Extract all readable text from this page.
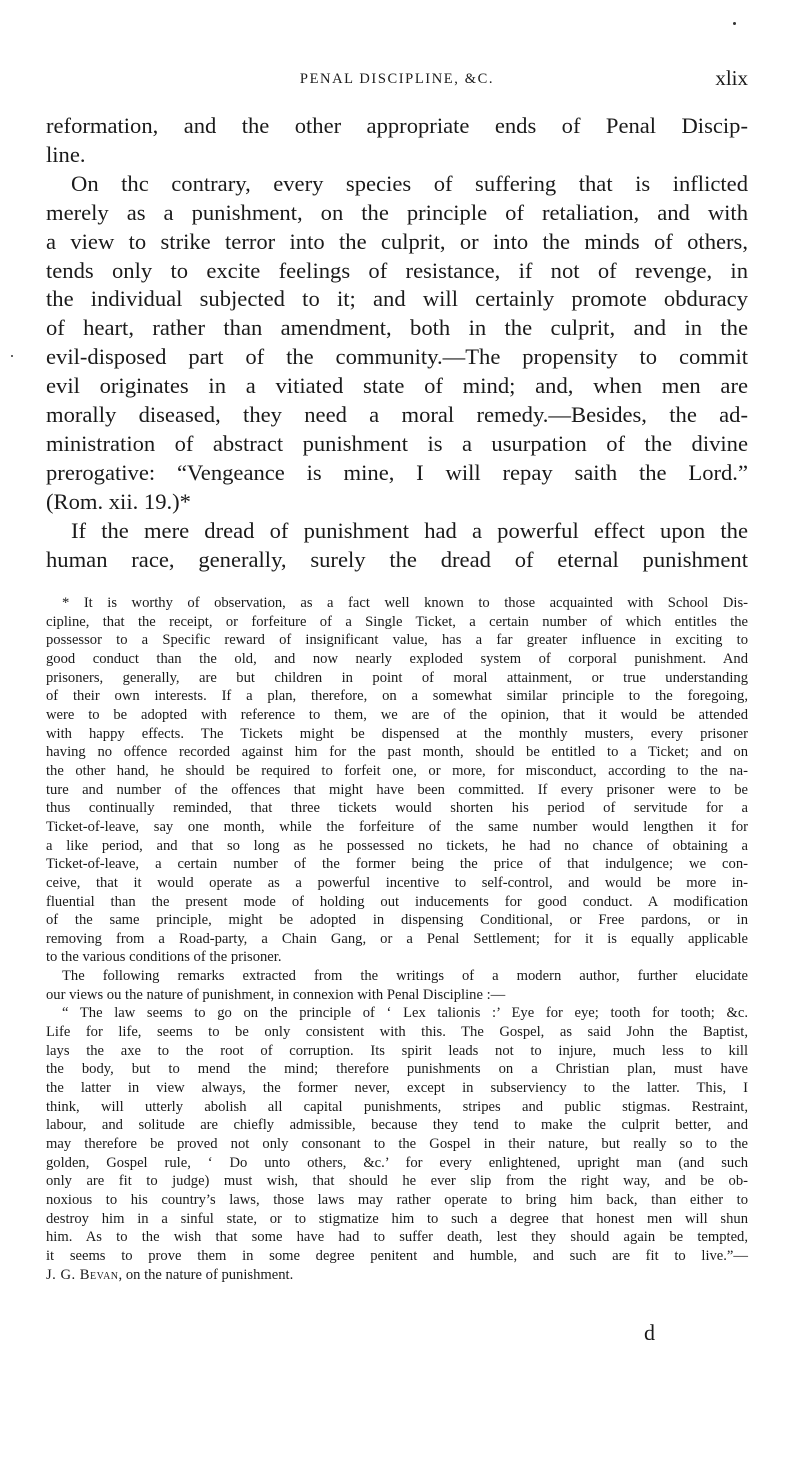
PENAL DISCIPLINE, &C.	xlix

reformation, and the other appropriate ends of Penal Discip-
line.

On thc contrary, every species of suffering that is inflicted
merely as a punishment, on the principle of retaliation, and with
a view to strike terror into the culprit, or into the minds of others,
tends only to excite feelings of resistance, if not of revenge, in
the individual subjected to it; and will certainly promote obduracy
of heart, rather than amendment, both in the culprit, and in the
evil-disposed part of the community.—The propensity to commit
evil originates in a vitiated state of mind; and, when men are
morally diseased, they need a moral remedy.—Besides, the ad-
ministration of abstract punishment is a usurpation of the divine
prerogative: “Vengeance is mine, I will repay saith the Lord.”
(Rom. xii. 19.)*

If the mere dread of punishment had a powerful effect upon the
human race, generally, surely the dread of eternal punishment

* It is worthy of observation, as a fact well known to those acquainted with School Dis-
cipline, that the receipt, or forfeiture of a Single Ticket, a certain number of which entitles the
possessor to a Specific reward of insignificant value, has a far greater influence in exciting to
good conduct than the old, and now nearly exploded system of corporal punishment. And
prisoners, generally, are but children in point of moral attainment, or true understanding
of their own interests. If a plan, therefore, on a somewhat similar principle to the foregoing,
were to be adopted with reference to them, we are of the opinion, that it would be attended
with happy effects. The Tickets might be dispensed at the monthly musters, every prisoner
having no offence recorded against him for the past month, should be entitled to a Ticket; and on
the other hand, he should be required to forfeit one, or more, for misconduct, according to the na-
ture and number of the offences that might have been committed. If every prisoner were to be
thus continually reminded, that three tickets would shorten his period of servitude for a
Ticket-of-leave, say one month, while the forfeiture of the same number would lengthen it for
a like period, and that so long as he possessed no tickets, he had no chance of obtaining a
Ticket-of-leave, a certain number of the former being the price of that indulgence; we con-
ceive, that it would operate as a powerful incentive to self-control, and would be more in-
fluential than the present mode of holding out inducements for good conduct. A modification
of the same principle, might be adopted in dispensing Conditional, or Free pardons, or in
removing from a Road-party, a Chain Gang, or a Penal Settlement; for it is equally applicable
to the various conditions of the prisoner.
The following remarks extracted from the writings of a modern author, further elucidate
our views ou the nature of punishment, in connexion with Penal Discipline :—
“ The law seems to go on the principle of ‘ Lex talionis :’ Eye for eye; tooth for tooth; &c.
Life for life, seems to be only consistent with this. The Gospel, as said John the Baptist,
lays the axe to the root of corruption. Its spirit leads not to injure, much less to kill
the body, but to mend the mind; therefore punishments on a Christian plan, must have
the latter in view always, the former never, except in subserviency to the latter. This, I
think, will utterly abolish all capital punishments, stripes and public stigmas. Restraint,
labour, and solitude are chiefly admissible, because they tend to make the culprit better, and
may therefore be proved not only consonant to the Gospel in their nature, but really so to the
golden, Gospel rule, ‘ Do unto others, &c.’ for every enlightened, upright man (and such
only are fit to judge) must wish, that should he ever slip from the right way, and be ob-
noxious to his country’s laws, those laws may rather operate to bring him back, than either to
destroy him in a sinful state, or to stigmatize him to such a degree that honest men will shun
him. As to the wish that some have had to suffer death, lest they should again be tempted,
it seems to prove them in some degree penitent and humble, and such are fit to live.”—
J. G. Bevan, on the nature of punishment.
d
